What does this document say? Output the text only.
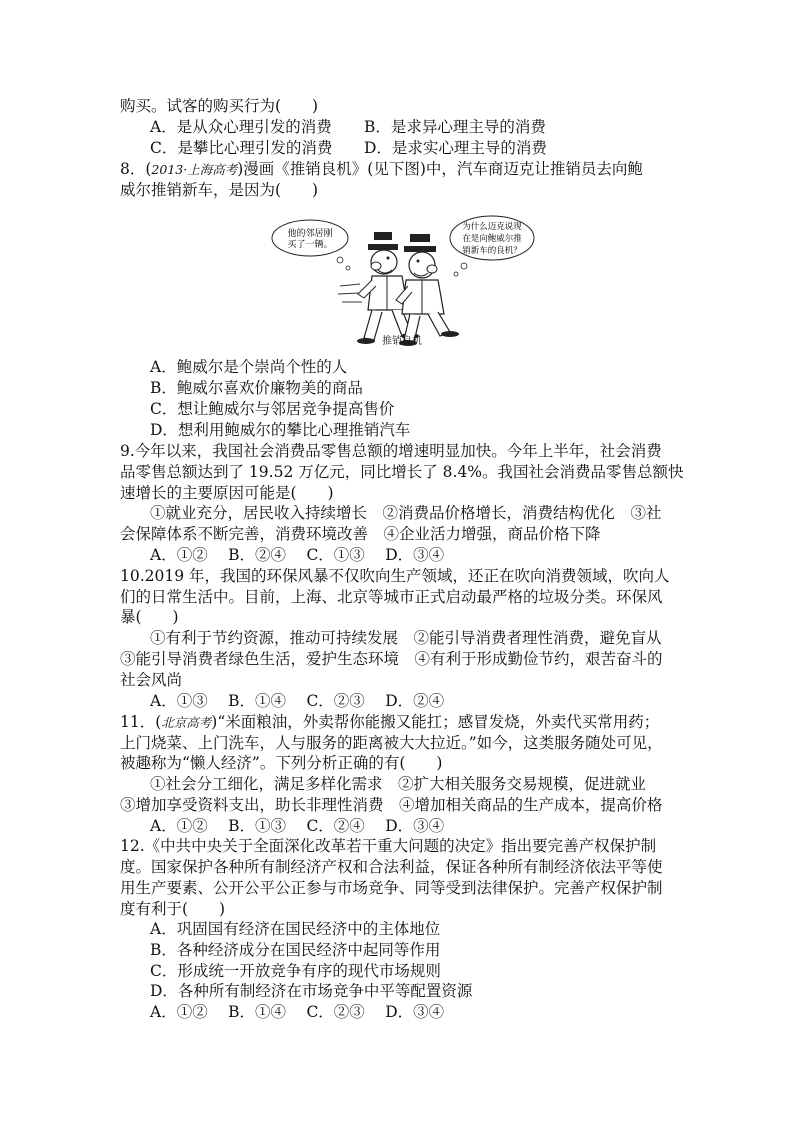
购买。试客的购买行为(　　)
A．是从众心理引发的消费 B．是求异心理主导的消费
C．是攀比心理引发的消费 D．是求实心理主导的消费
8．(2013·上海高考)漫画《推销良机》(见下图)中，汽车商迈克让推销员去向鲍
威尔推销新车，是因为(　　)
他的邻居刚
买了一辆。
为什么迈克说现
在是向鲍威尔推
销新车的良机？
推销良机
A．鲍威尔是个崇尚个性的人
B．鲍威尔喜欢价廉物美的商品
C．想让鲍威尔与邻居竞争提高售价
D．想利用鲍威尔的攀比心理推销汽车
9.今年以来，我国社会消费品零售总额的增速明显加快。今年上半年，社会消费
品零售总额达到了 19.52 万亿元，同比增长了 8.4%。我国社会消费品零售总额快
速增长的主要原因可能是(　　)
①就业充分，居民收入持续增长　②消费品价格增长，消费结构优化　③社
会保障体系不断完善，消费环境改善　④企业活力增强，商品价格下降
A．①②　 B．②④　 C．①③　 D．③④
10.2019 年，我国的环保风暴不仅吹向生产领域，还正在吹向消费领域，吹向人
们的日常生活中。目前，上海、北京等城市正式启动最严格的垃圾分类。环保风
暴(　　)
①有利于节约资源，推动可持续发展　②能引导消费者理性消费，避免盲从
③能引导消费者绿色生活，爱护生态环境　④有利于形成勤俭节约，艰苦奋斗的
社会风尚
A．①③　 B．①④　 C．②③　 D．②④
11．(北京高考)“米面粮油，外卖帮你能搬又能扛；感冒发烧，外卖代买常用药；
上门烧菜、上门洗车，人与服务的距离被大大拉近。”如今，这类服务随处可见，
被趣称为“懒人经济”。下列分析正确的有(　　)
①社会分工细化，满足多样化需求　②扩大相关服务交易规模，促进就业
③增加享受资料支出，助长非理性消费　④增加相关商品的生产成本，提高价格
A．①②　 B．①③　 C．②④　 D．③④
12.《中共中央关于全面深化改革若干重大问题的决定》指出要完善产权保护制
度。国家保护各种所有制经济产权和合法利益，保证各种所有制经济依法平等使
用生产要素、公开公平公正参与市场竞争、同等受到法律保护。完善产权保护制
度有利于(　　)
A．巩固国有经济在国民经济中的主体地位
B．各种经济成分在国民经济中起同等作用
C．形成统一开放竞争有序的现代市场规则
D．各种所有制经济在市场竞争中平等配置资源
A．①②　 B．①④　 C．②③　 D．③④
